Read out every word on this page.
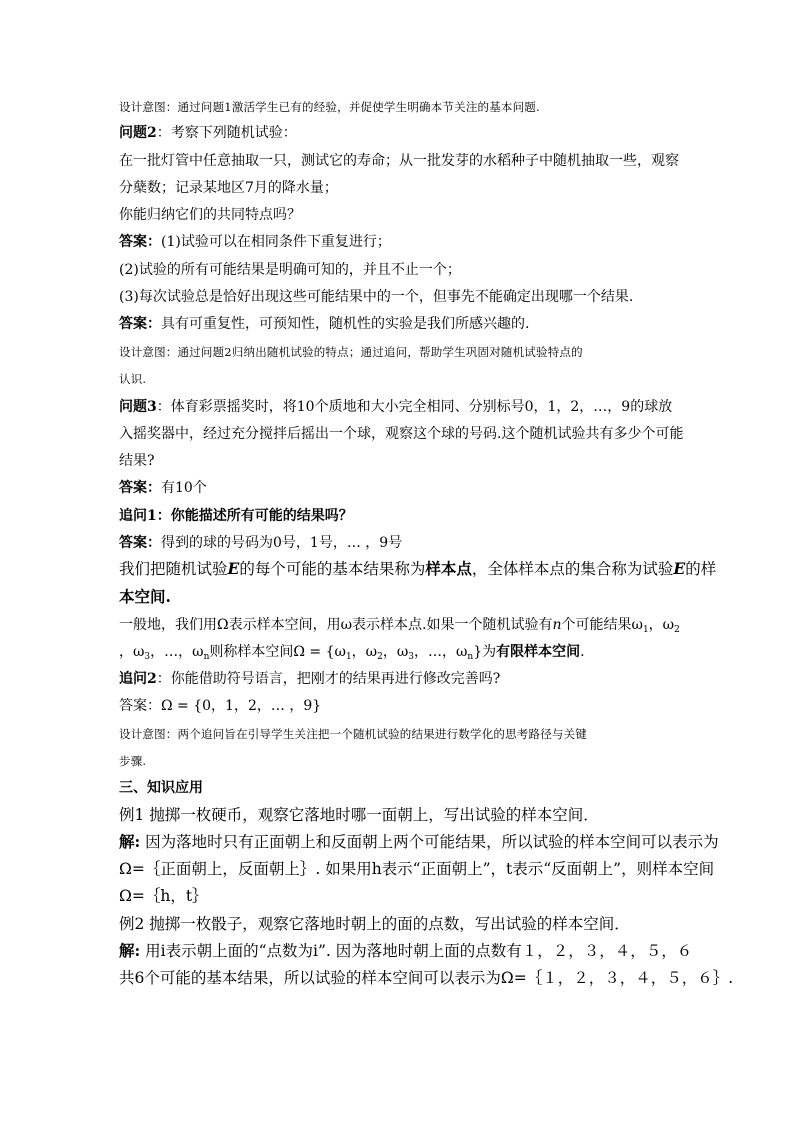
设计意图：通过问题1激活学生已有的经验，并促使学生明确本节关注的基本问题.
问题2：考察下列随机试验：
在一批灯管中任意抽取一只，测试它的寿命；从一批发芽的水稻种子中随机抽取一些，观察
分蘖数；记录某地区7月的降水量；
你能归纳它们的共同特点吗？
答案：(1)试验可以在相同条件下重复进行；
(2)试验的所有可能结果是明确可知的，并且不止一个；
(3)每次试验总是恰好出现这些可能结果中的一个，但事先不能确定出现哪一个结果.
答案：具有可重复性，可预知性，随机性的实验是我们所感兴趣的.
设计意图：通过问题2归纳出随机试验的特点；通过追问，帮助学生巩固对随机试验特点的
认识.
问题3：体育彩票摇奖时，将10个质地和大小完全相同、分别标号0，1，2，…，9的球放
入摇奖器中，经过充分搅拌后摇出一个球，观察这个球的号码.这个随机试验共有多少个可能
结果?
答案：有10个
追问1：你能描述所有可能的结果吗？
答案：得到的球的号码为0号，1号，… ，9号
我们把随机试验E的每个可能的基本结果称为样本点，全体样本点的集合称为试验E的样
本空间.
一般地，我们用Ω表示样本空间，用ω表示样本点.如果一个随机试验有n个可能结果$\omega_1$，$\omega_2$
，$\omega_3$，…，$\omega_n$则称样本空间$\Omega = \{\omega_1$，$\omega_2$，$\omega_3$，…，$\omega_n$}为有限样本空间.
追问2：你能借助符号语言，把刚才的结果再进行修改完善吗?
答案：Ω = {0，1，2，… ，9}
设计意图：两个追问旨在引导学生关注把一个随机试验的结果进行数学化的思考路径与关键
步骤.
三、知识应用
例1 抛掷一枚硬币，观察它落地时哪一面朝上，写出试验的样本空间．
解: 因为落地时只有正面朝上和反面朝上两个可能结果，所以试验的样本空间可以表示为
Ω=｛正面朝上，反面朝上｝. 如果用h表示“正面朝上”，t表示“反面朝上”，则样本空间
Ω=｛h，t｝
例2 抛掷一枚骰子，观察它落地时朝上的面的点数，写出试验的样本空间．
解: 用i表示朝上面的“点数为i”. 因为落地时朝上面的点数有１，２，３，４，５，６
共6个可能的基本结果，所以试验的样本空间可以表示为Ω=｛１，２，３，４，５，６｝.
